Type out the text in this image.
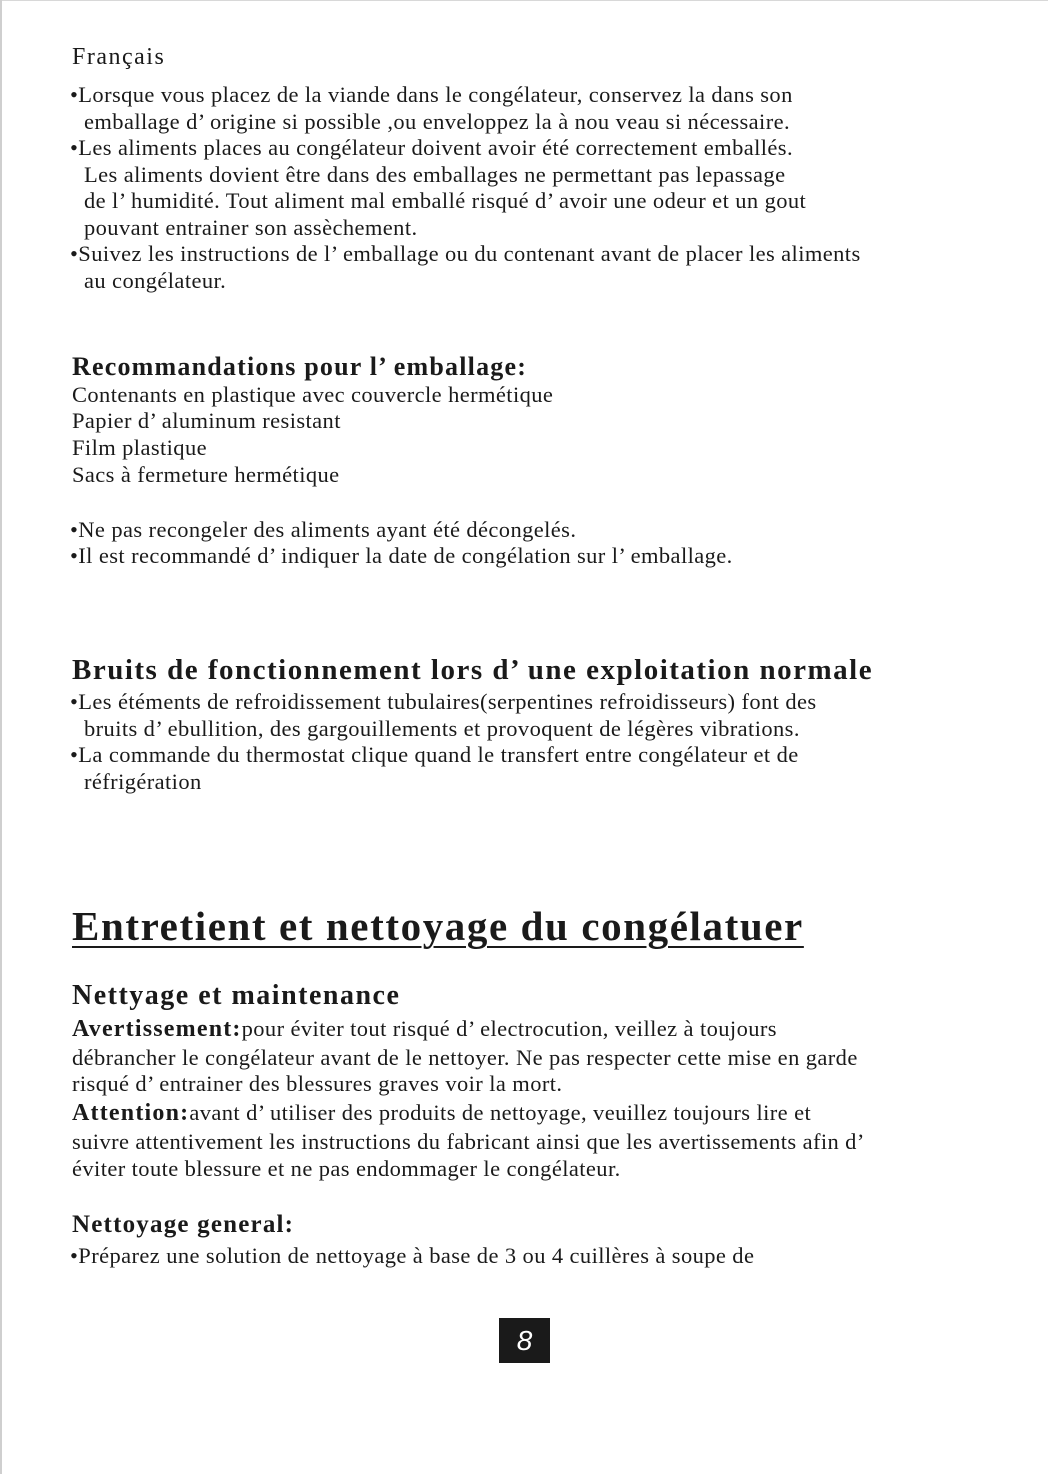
Français
•Lorsque vous placez de la viande dans le congélateur, conservez la dans son
emballage d’ origine si possible ,ou enveloppez la à nou veau si nécessaire.
•Les aliments places au congélateur doivent avoir été correctement emballés.
Les aliments dovient être dans des emballages ne permettant pas lepassage
de l’ humidité. Tout aliment mal emballé risqué d’ avoir une odeur et un gout
pouvant entrainer son assèchement.
•Suivez les instructions de l’ emballage ou du contenant avant de placer les aliments
au congélateur.
Recommandations pour l’ emballage:
Contenants en plastique avec couvercle hermétique
Papier d’ aluminum resistant
Film plastique
Sacs à fermeture hermétique
•Ne pas recongeler des aliments ayant été décongelés.
•Il est recommandé d’ indiquer la date de congélation sur l’ emballage.
Bruits de fonctionnement lors d’ une exploitation normale
•Les étéments de refroidissement tubulaires(serpentines refroidisseurs) font des
bruits d’ ebullition, des gargouillements et provoquent de légères vibrations.
•La commande du thermostat clique quand le transfert entre congélateur et de
réfrigération
Entretient et nettoyage du congélatuer
Nettyage et maintenance
Avertissement:pour éviter tout risqué d’ electrocution, veillez à toujours
débrancher le congélateur avant de le nettoyer. Ne pas respecter cette mise en garde
risqué d’ entrainer des blessures graves voir la mort.
Attention:avant d’ utiliser des produits de nettoyage, veuillez toujours lire et
suivre attentivement les instructions du fabricant ainsi que les avertissements afin d’
éviter toute blessure et ne pas endommager le congélateur.
Nettoyage general:
•Préparez une solution de nettoyage à base de 3 ou 4 cuillères à soupe de
8
